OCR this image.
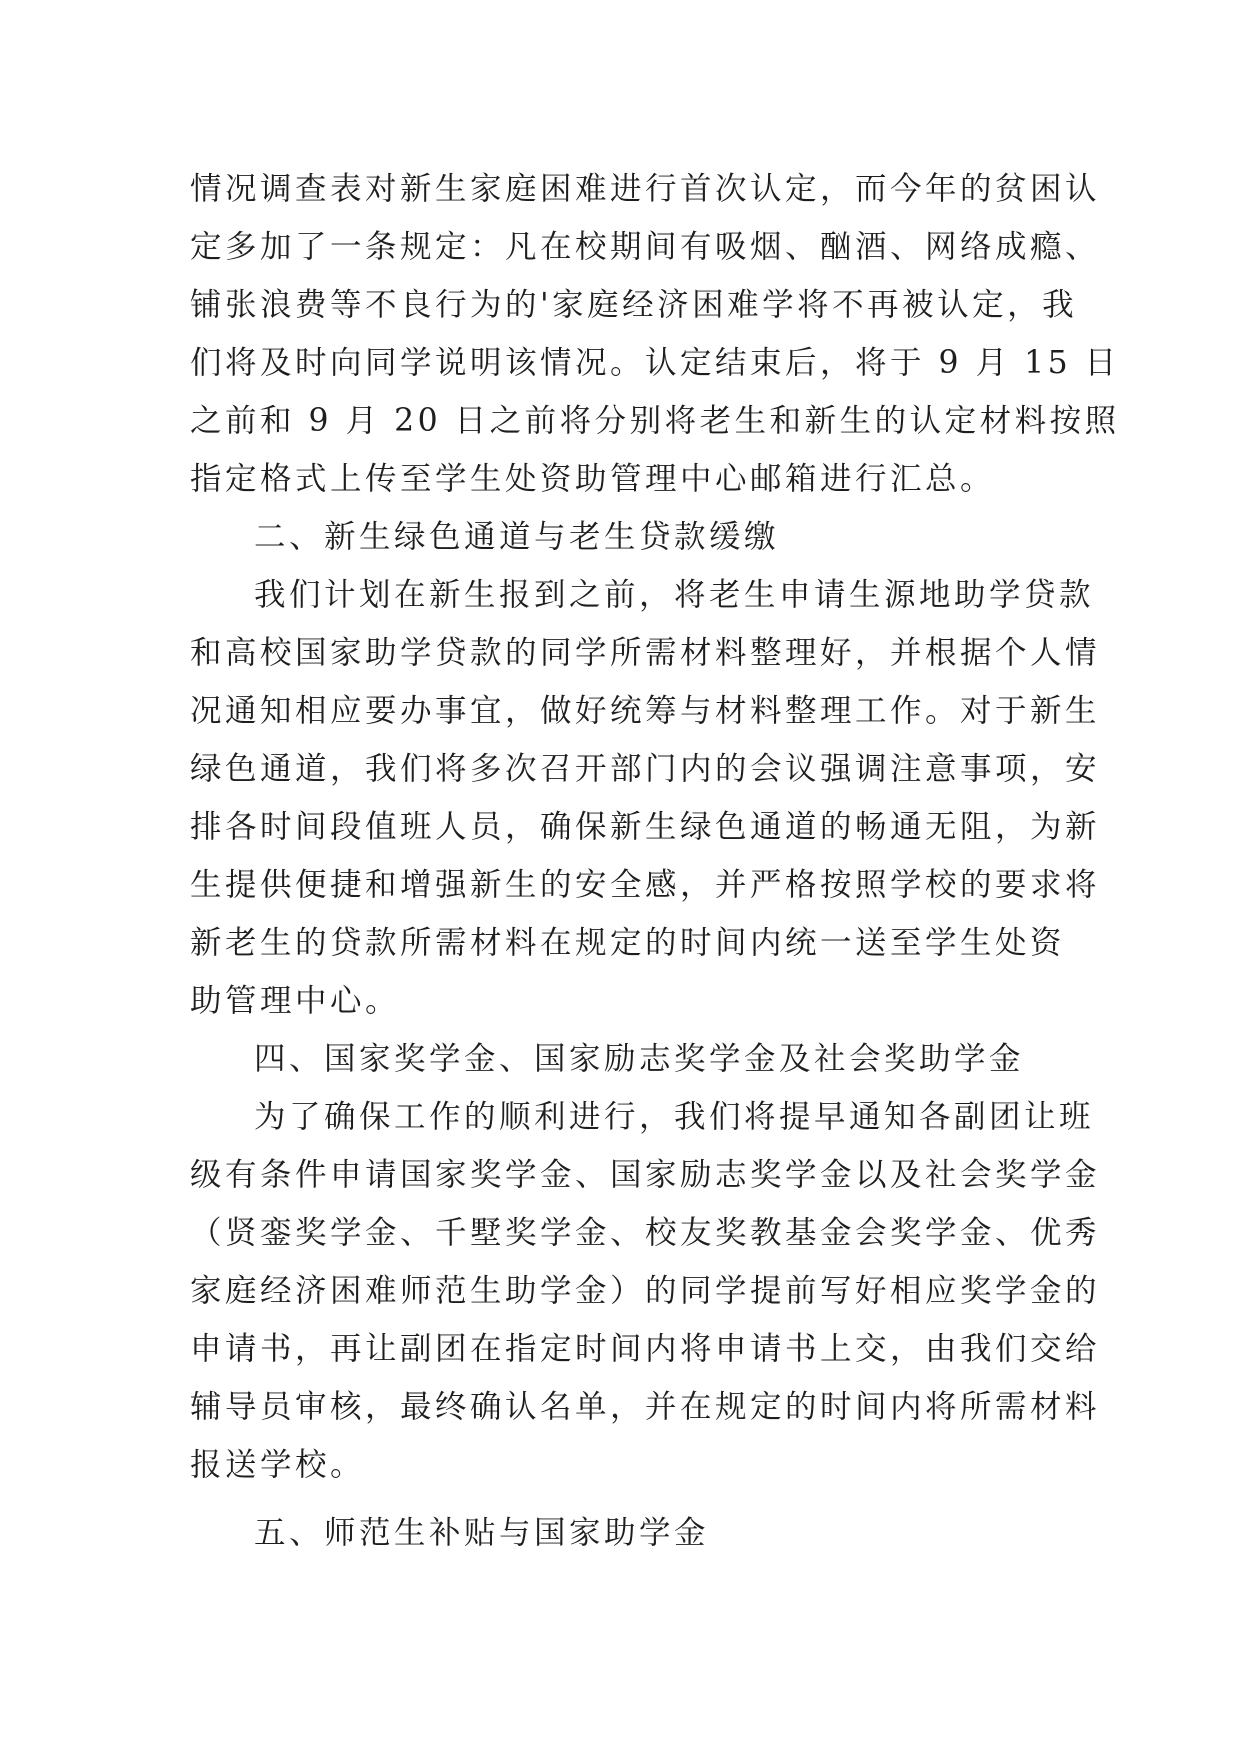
情况调查表对新生家庭困难进行首次认定，而今年的贫困认
定多加了一条规定：凡在校期间有吸烟、酗酒、网络成瘾、
铺张浪费等不良行为的'家庭经济困难学将不再被认定，我
们将及时向同学说明该情况。认定结束后，将于 9 月 15 日
之前和 9 月 20 日之前将分别将老生和新生的认定材料按照
指定格式上传至学生处资助管理中心邮箱进行汇总。
二、新生绿色通道与老生贷款缓缴
我们计划在新生报到之前，将老生申请生源地助学贷款
和高校国家助学贷款的同学所需材料整理好，并根据个人情
况通知相应要办事宜，做好统筹与材料整理工作。对于新生
绿色通道，我们将多次召开部门内的会议强调注意事项，安
排各时间段值班人员，确保新生绿色通道的畅通无阻，为新
生提供便捷和增强新生的安全感，并严格按照学校的要求将
新老生的贷款所需材料在规定的时间内统一送至学生处资
助管理中心。
四、国家奖学金、国家励志奖学金及社会奖助学金
为了确保工作的顺利进行，我们将提早通知各副团让班
级有条件申请国家奖学金、国家励志奖学金以及社会奖学金
（贤銮奖学金、千墅奖学金、校友奖教基金会奖学金、优秀
家庭经济困难师范生助学金）的同学提前写好相应奖学金的
申请书，再让副团在指定时间内将申请书上交，由我们交给
辅导员审核，最终确认名单，并在规定的时间内将所需材料
报送学校。
五、师范生补贴与国家助学金
